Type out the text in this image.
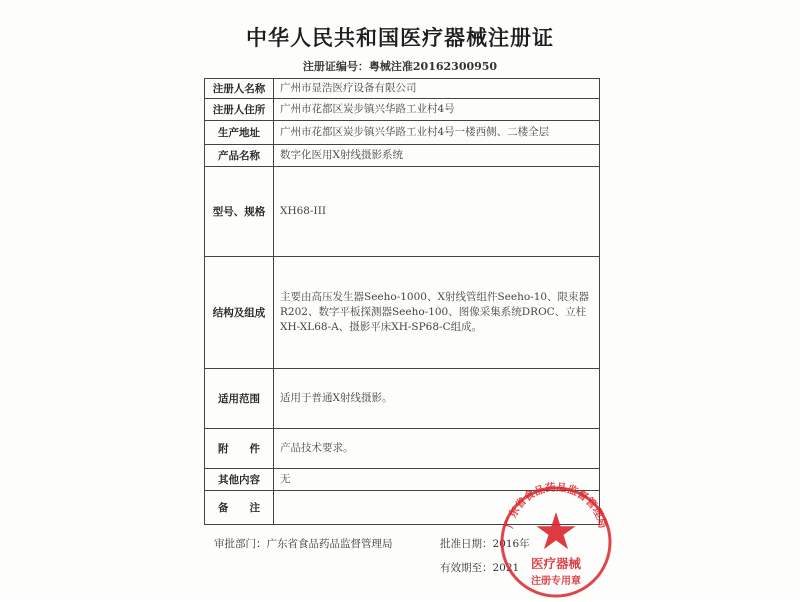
中华人民共和国医疗器械注册证
注册证编号：粤械注准20162300950
注册人名称	广州市显浩医疗设备有限公司
注册人住所	广州市花都区炭步镇兴华路工业村4号
生产地址	广州市花都区炭步镇兴华路工业村4号一楼西侧、二楼全层
产品名称	数字化医用X射线摄影系统
型号、规格	XH68-III
结构及组成	主要由高压发生器Seeho-1000、X射线管组件Seeho-10、限束器R202、数字平板探测器Seeho-100、图像采集系统DROC、立柱XH-XL68-A、摄影平床XH-SP68-C组成。
适用范围	适用于普通X射线摄影。
附　　件	产品技术要求。
其他内容	无
备　　注	
审批部门：广东省食品药品监督管理局	批准日期：2016年
有效期至：2021
广东省食品药品监督管理局
医疗器械
注册专用章
